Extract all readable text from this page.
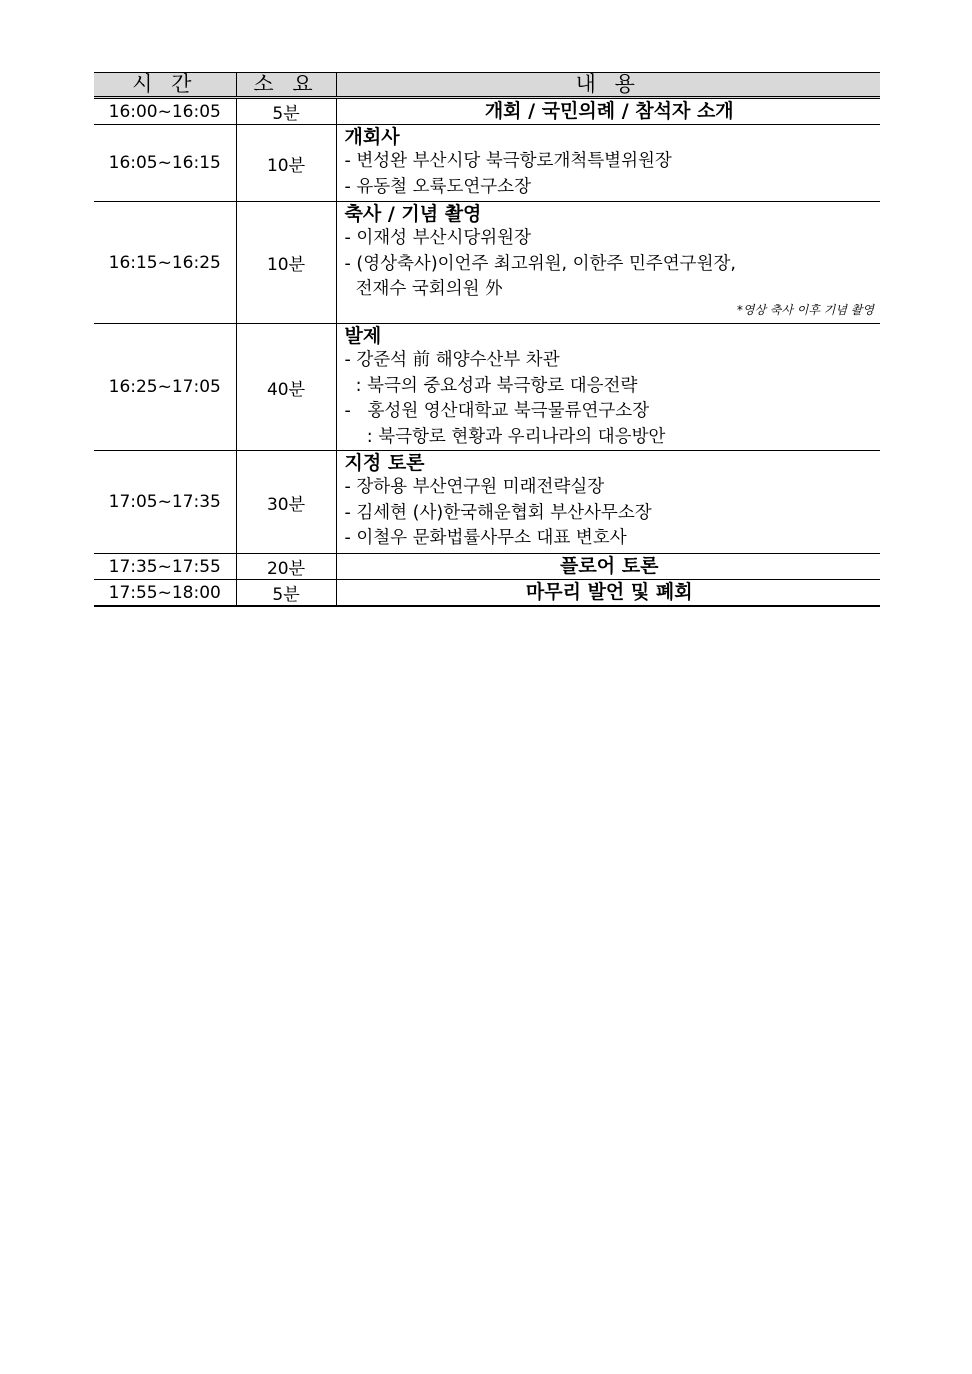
시 간	소 요	내 용
16:00~16:05	5분	개회 / 국민의례 / 참석자 소개

16:05~16:15	10분	개회사
- 변성완 부산시당 북극항로개척특별위원장
- 유동철 오륙도연구소장

16:15~16:25	10분	축사 / 기념 촬영
- 이재성 부산시당위원장
- (영상축사)이언주 최고위원, 이한주 민주연구원장,
전재수 국회의원 外
*영상 축사 이후 기념 촬영

16:25~17:05	40분	발제
- 강준석 前 해양수산부 차관
: 북극의 중요성과 북극항로 대응전략
-   홍성원 영산대학교 북극물류연구소장
: 북극항로 현황과 우리나라의 대응방안

17:05~17:35	30분	지정 토론
- 장하용 부산연구원 미래전략실장
- 김세현 (사)한국해운협회 부산사무소장
- 이철우 문화법률사무소 대표 변호사

17:35~17:55	20분	플로어 토론

17:55~18:00	5분	마무리 발언 및 폐회
